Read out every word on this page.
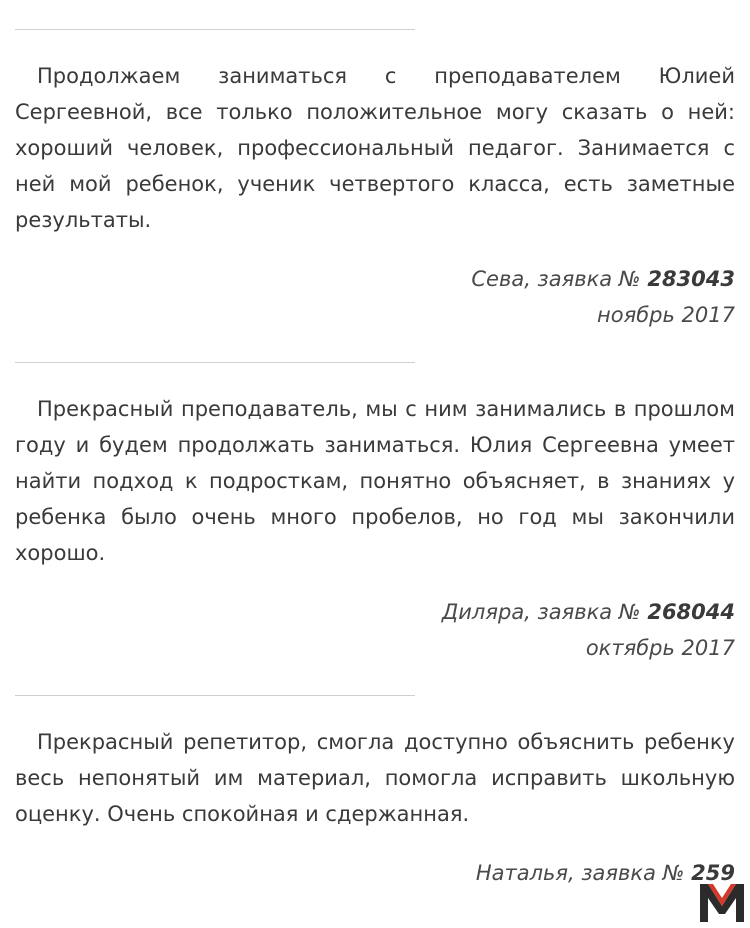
Продолжаем заниматься с преподавателем Юлией Сергеевной, все только положительное могу сказать о ней: хороший человек, профессиональный педагог. Занимается с ней мой ребенок, ученик четвертого класса, есть заметные результаты.

Сева, заявка № 283043
ноябрь 2017

Прекрасный преподаватель, мы с ним занимались в прошлом году и будем продолжать заниматься. Юлия Сергеевна умеет найти подход к подросткам, понятно объясняет, в знаниях у ребенка было очень много пробелов, но год мы закончили хорошо.

Диляра, заявка № 268044
октябрь 2017

Прекрасный репетитор, смогла доступно объяснить ребенку весь непонятый им материал, помогла исправить школьную оценку. Очень спокойная и сдержанная.

Наталья, заявка № 259
